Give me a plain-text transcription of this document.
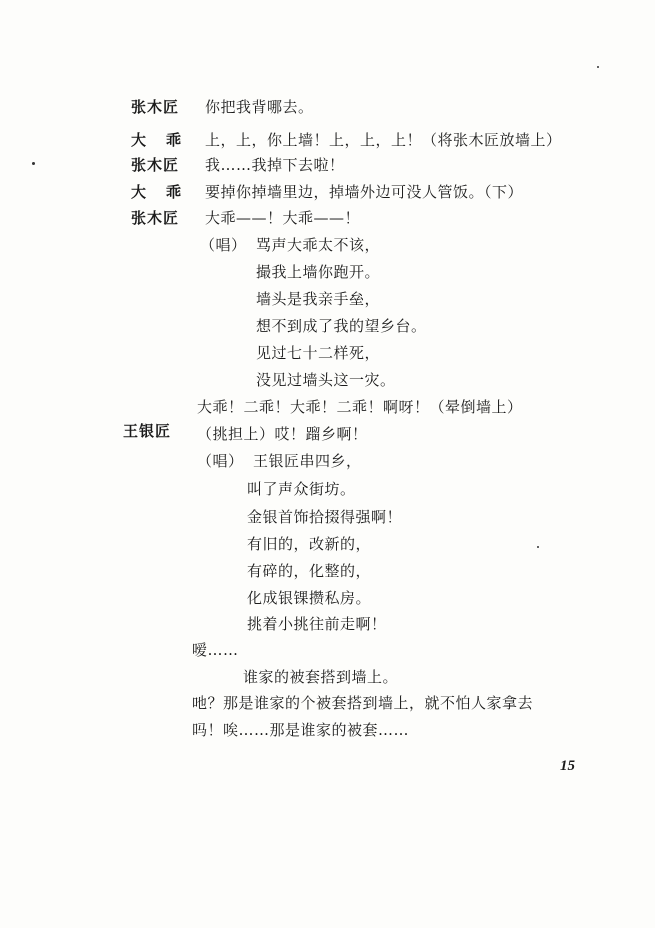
张木匠 你把我背哪去。
大乖 上，上，你上墙！上，上，上！（将张木匠放墙上）
张木匠 我……我掉下去啦！
大乖 要掉你掉墙里边，掉墙外边可没人管饭。（下）
张木匠 大乖——！大乖——！
（唱） 骂声大乖太不该，
撮我上墙你跑开。
墙头是我亲手垒，
想不到成了我的望乡台。
见过七十二样死，
没见过墙头这一灾。
大乖！二乖！大乖！二乖！啊呀！（晕倒墙上）
王银匠 （挑担上）哎！蹓乡啊！
（唱） 王银匠串四乡，
叫了声众街坊。
金银首饰拾掇得强啊！
有旧的，改新的，
有碎的，化整的，
化成银锞攒私房。
挑着小挑往前走啊！
嗳……
谁家的被套搭到墙上。
吔？那是谁家的个被套搭到墙上，就不怕人家拿去
吗！唉……那是谁家的被套……
15
